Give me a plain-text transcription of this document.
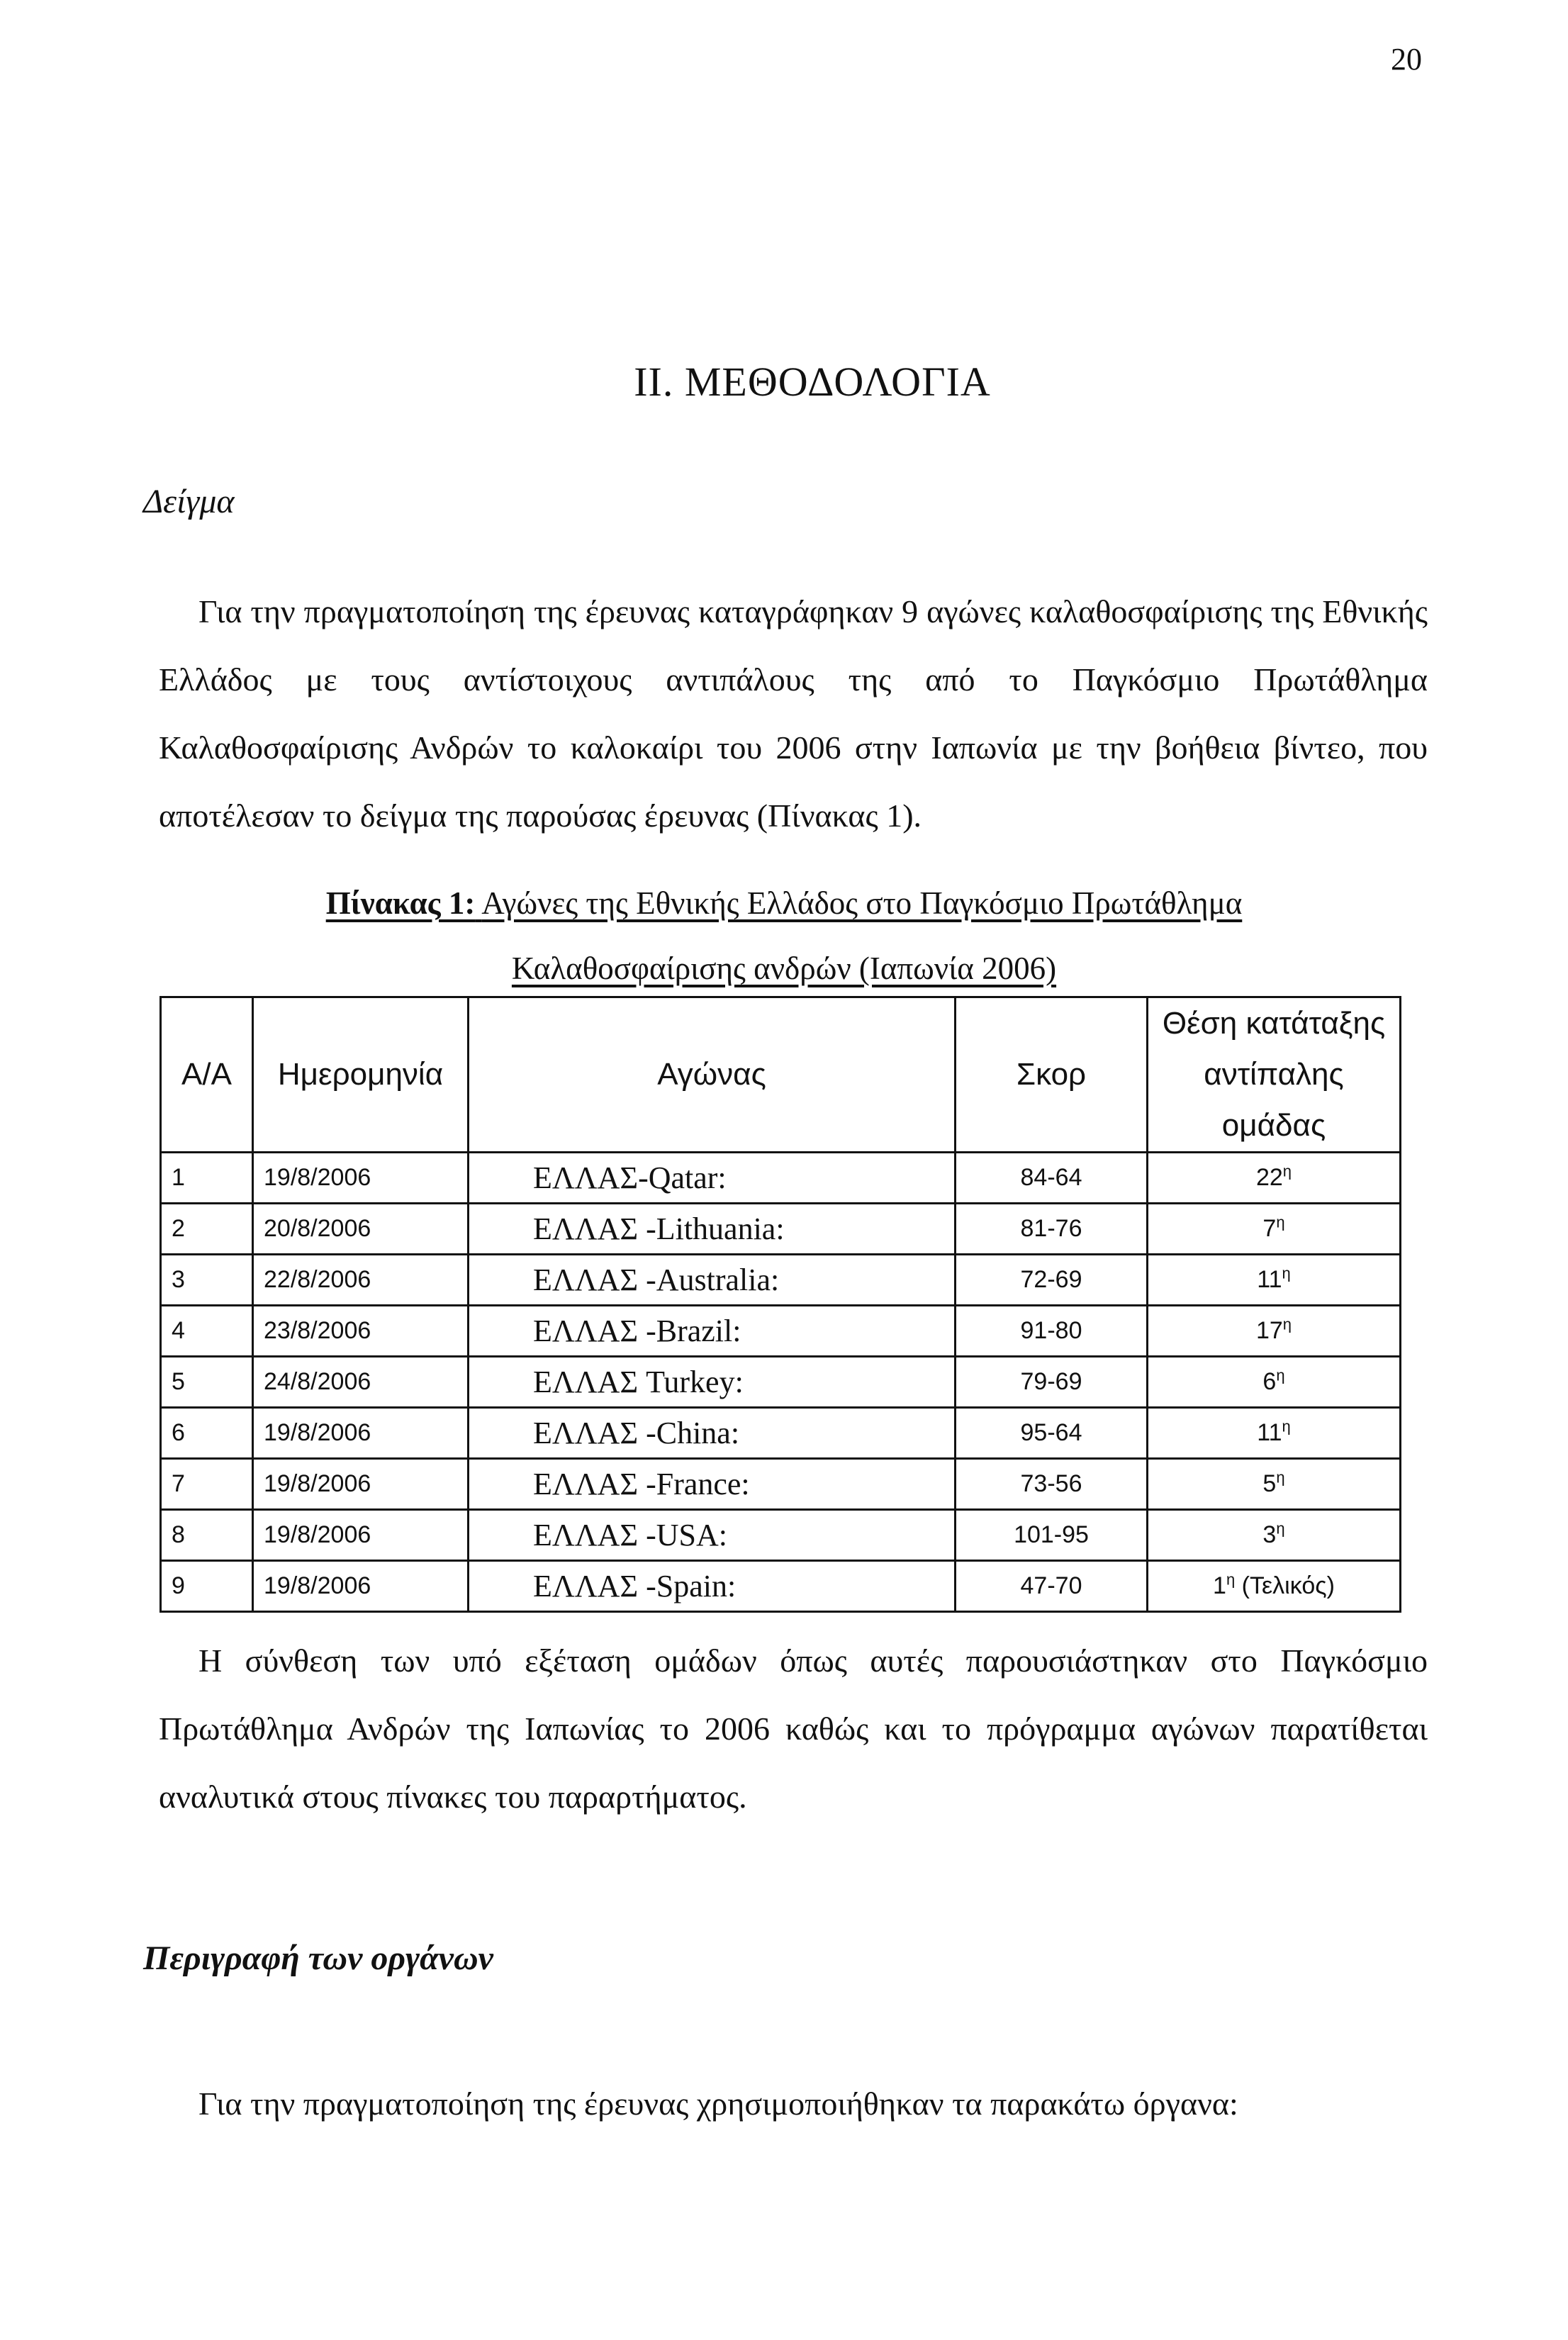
20
ΙΙ. ΜΕΘΟΔΟΛΟΓΙΑ
Δείγμα

Για την πραγματοποίηση της έρευνας καταγράφηκαν 9 αγώνες καλαθοσφαίρισης της Εθνικής Ελλάδος με τους αντίστοιχους αντιπάλους της από το Παγκόσμιο Πρωτάθλημα Καλαθοσφαίρισης Ανδρών το καλοκαίρι του 2006 στην Ιαπωνία με την βοήθεια βίντεο, που αποτέλεσαν το δείγμα της παρούσας έρευνας (Πίνακας 1).

Πίνακας 1: Αγώνες της Εθνικής Ελλάδος στο Παγκόσμιο Πρωτάθλημα
Καλαθοσφαίρισης ανδρών (Ιαπωνία 2006)
Α/Α	Ημερομηνία	Αγώνας	Σκορ	Θέση κατάταξης
αντίπαλης ομάδας

1	19/8/2006	ΕΛΛΑΣ-Qatar:	84-64	$22^\eta$
2	20/8/2006	ΕΛΛΑΣ -Lithuania:	81-76	$7^\eta$
3	22/8/2006	ΕΛΛΑΣ -Australia:	72-69	$11^\eta$
4	23/8/2006	ΕΛΛΑΣ -Brazil:	91-80	$17^\eta$
5	24/8/2006	ΕΛΛΑΣ Turkey:	79-69	$6^\eta$
6	19/8/2006	ΕΛΛΑΣ -China:	95-64	$11^\eta$
7	19/8/2006	ΕΛΛΑΣ -France:	73-56	$5^\eta$
8	19/8/2006	ΕΛΛΑΣ -USA:	101-95	$3^\eta$
9	19/8/2006	ΕΛΛΑΣ -Spain:	47-70	$1^\eta$ (Τελικός)

Η σύνθεση των υπό εξέταση ομάδων όπως αυτές παρουσιάστηκαν στο Παγκόσμιο Πρωτάθλημα Ανδρών της Ιαπωνίας το 2006 καθώς και το πρόγραμμα αγώνων παρατίθεται αναλυτικά στους πίνακες του παραρτήματος.

Περιγραφή των οργάνων

Για την πραγματοποίηση της έρευνας χρησιμοποιήθηκαν τα παρακάτω όργανα:
